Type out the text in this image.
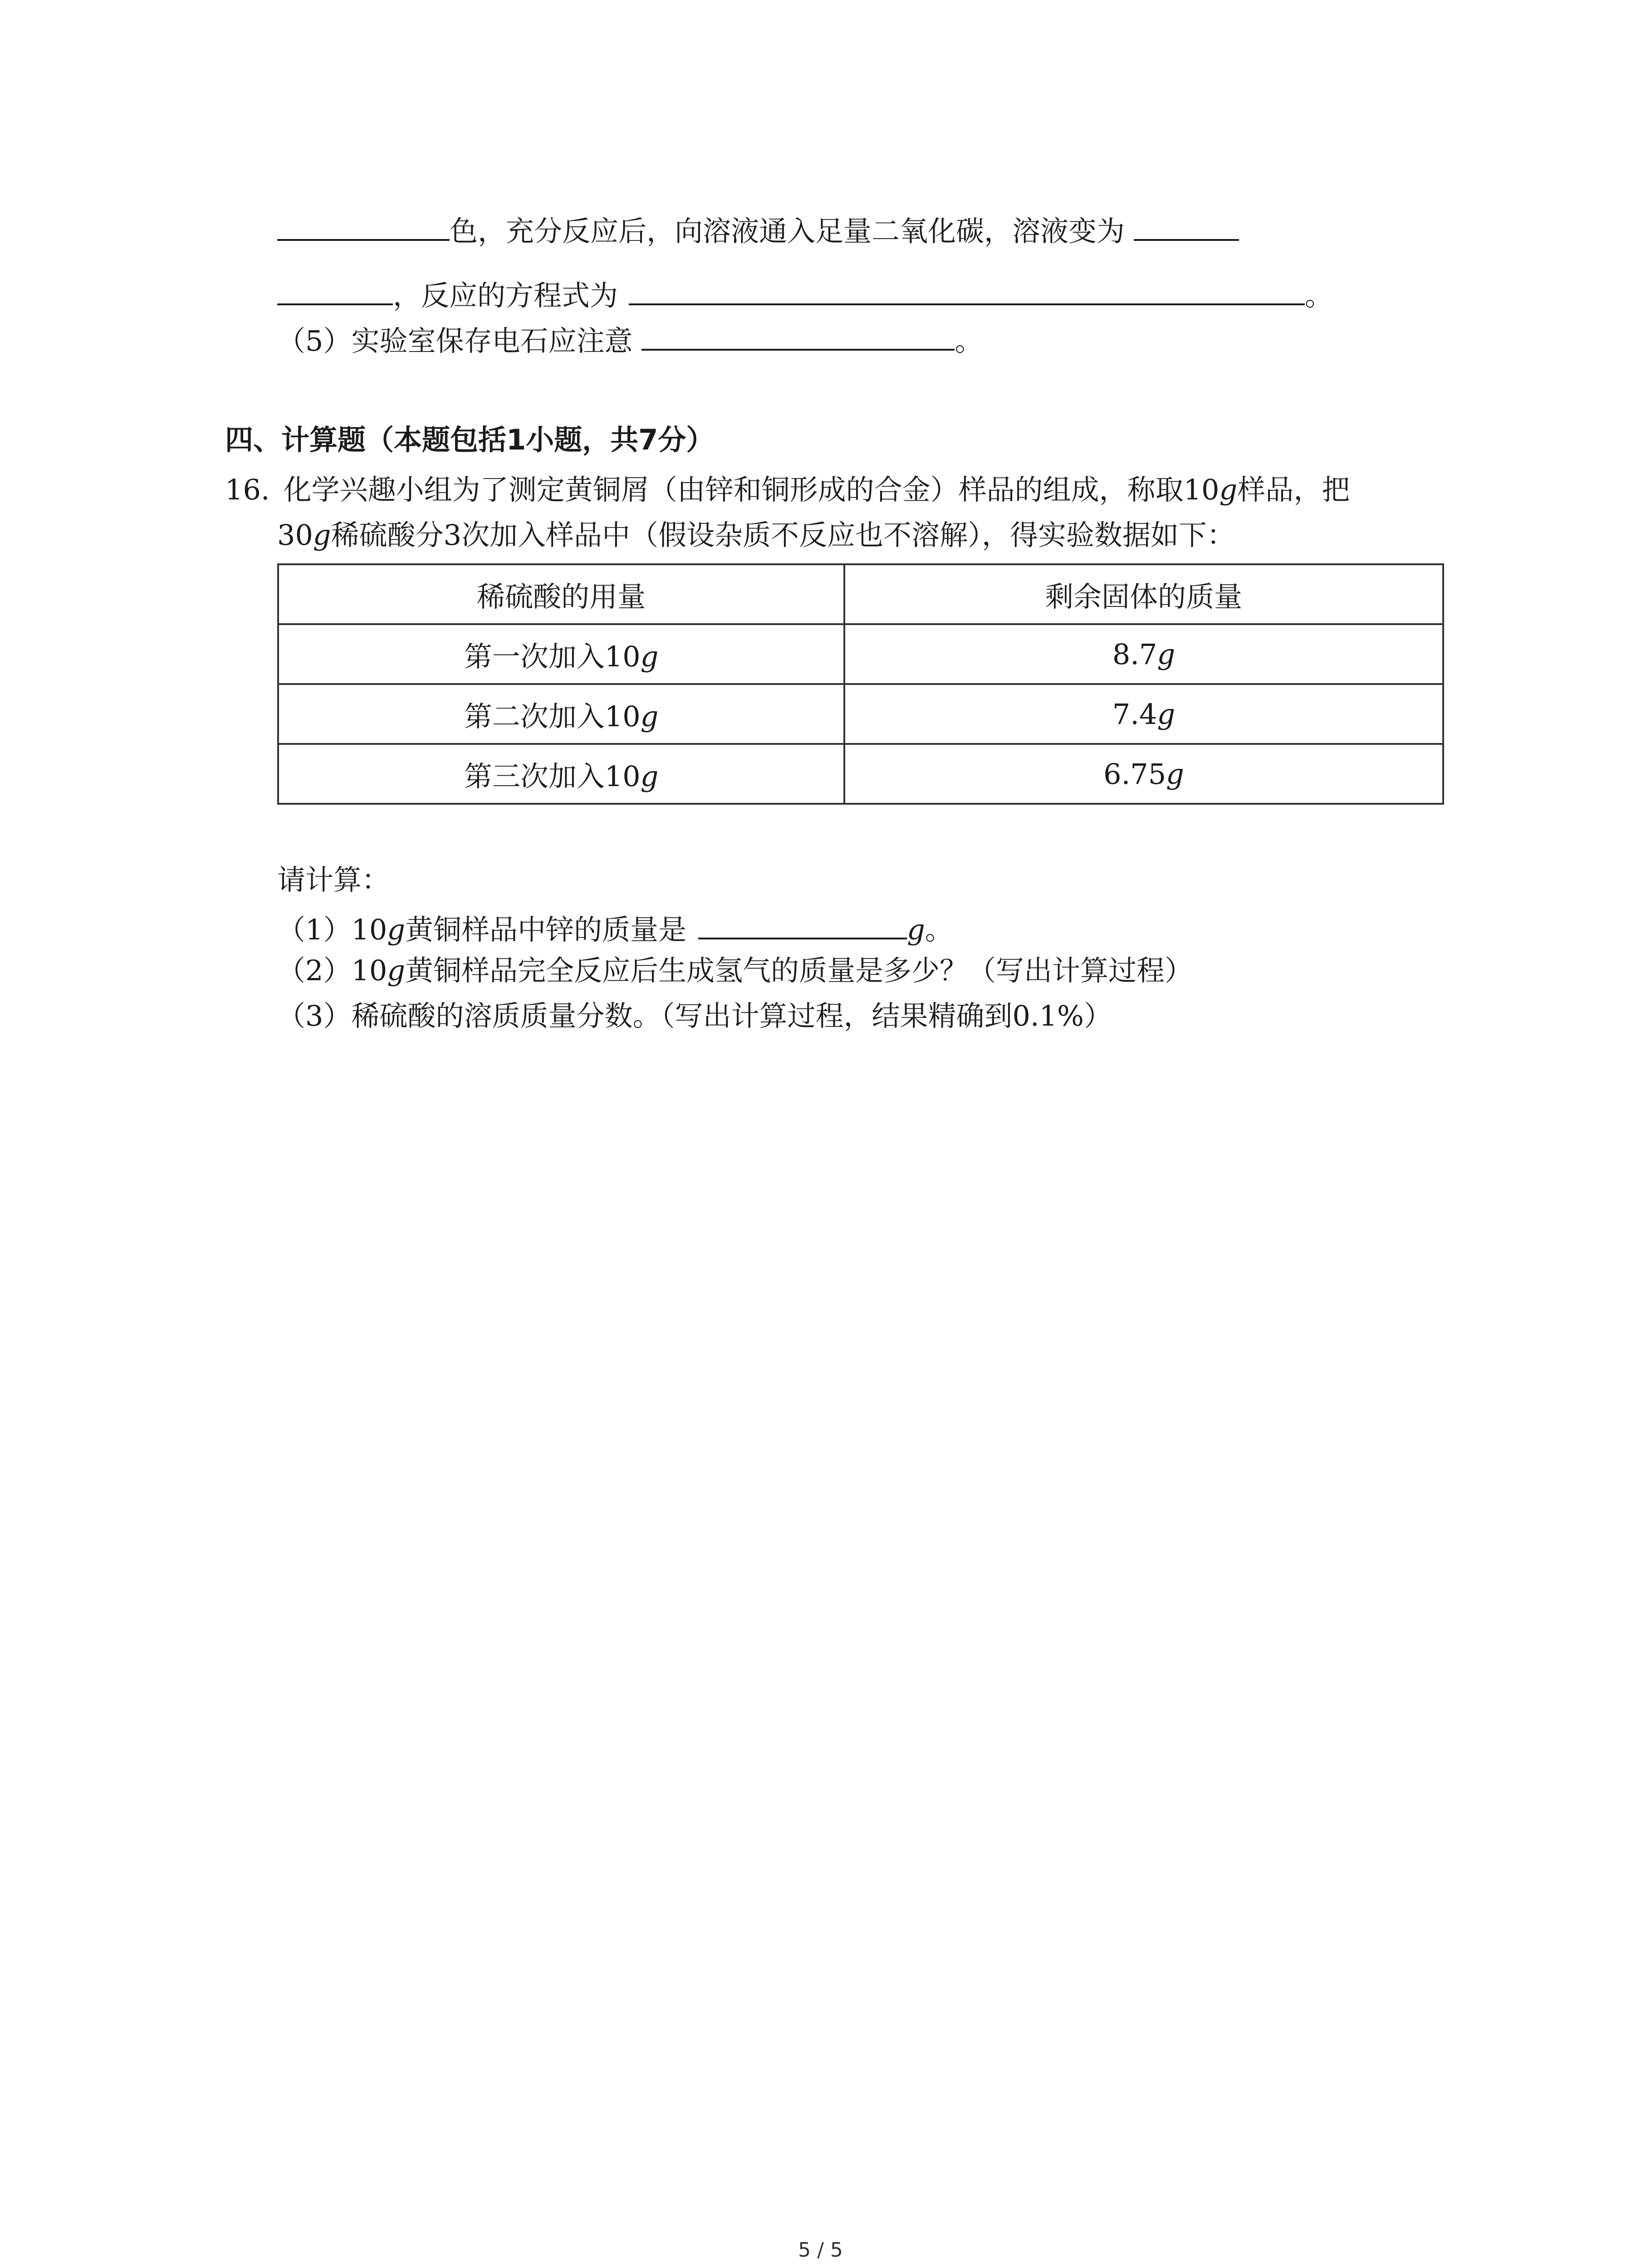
色，充分反应后，向溶液通入足量二氧化碳，溶液变为
，反应的方程式为	。
（5）实验室保存电石应注意	。
四、计算题（本题包括1小题，共7分）
16. 化学兴趣小组为了测定黄铜屑（由锌和铜形成的合金）样品的组成，称取10g样品，把
30g稀硫酸分3次加入样品中（假设杂质不反应也不溶解），得实验数据如下：
稀硫酸的用量	剩余固体的质量
第一次加入10g	8.7g
第二次加入10g	7.4g
第三次加入10g	6.75g
请计算：
（1）10g黄铜样品中锌的质量是	g。
（2）10g黄铜样品完全反应后生成氢气的质量是多少？（写出计算过程）
（3）稀硫酸的溶质质量分数。（写出计算过程，结果精确到0.1%）
5 / 5
